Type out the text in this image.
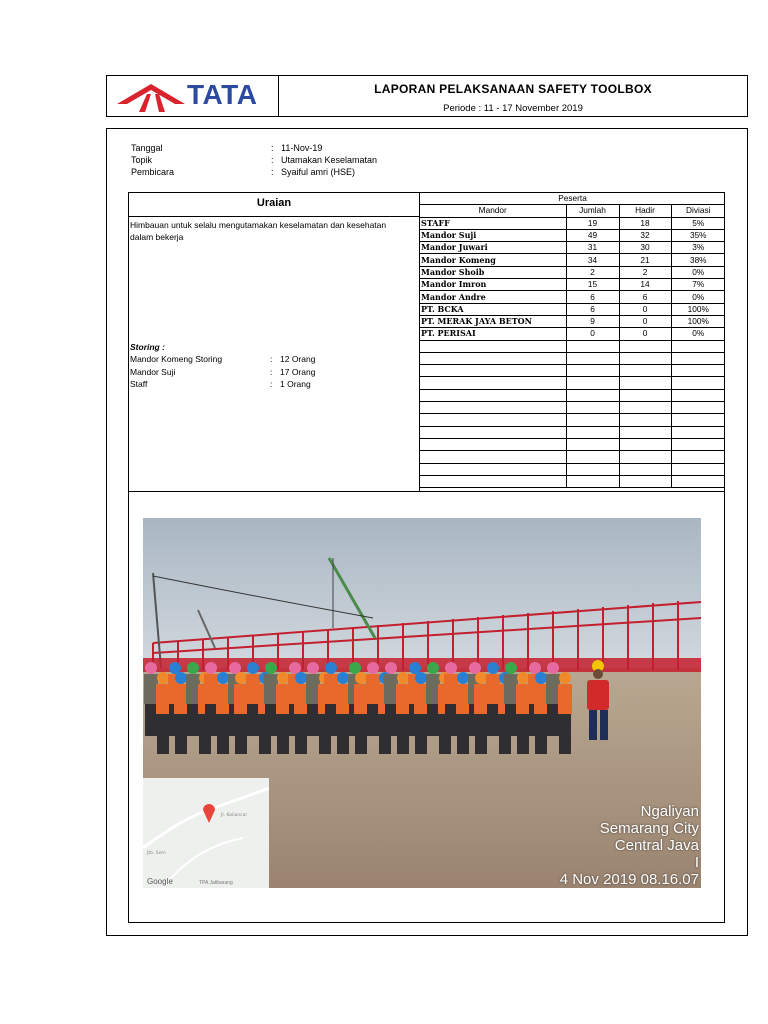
TATA	LAPORAN PELAKSANAAN SAFETY TOOLBOX
Periode : 11 - 17 November 2019
Tanggal	: 11-Nov-19
Topik	: Utamakan Keselamatan
Pembicara	: Syaiful amri (HSE)
Uraian
Himbauan untuk selalu mengutamakan keselamatan dan kesehatan dalam bekerja
Storing :
Mandor Komeng Storing	: 12 Orang
Mandor Suji	: 17 Orang
Staff	: 1 Orang
Peserta			
Mandor	Jumlah	Hadir	Diviasi
STAFF	19	18	5%
Mandor Suji	49	32	35%
Mandor Juwari	31	30	3%
Mandor Komeng	34	21	38%
Mandor Shoib	2	2	0%
Mandor Imron	15	14	7%
Mandor Andre	6	6	0%
PT. BCKA	6	0	100%
PT. MERAK JAYA BETON	9	0	100%
PT. PERISAI	0	0	0%

Jl. Kaliancar
Jtb. Sem
Google	TPA Jatibarang
Ngaliyan
Semarang City
Central Java
I
4 Nov 2019 08.16.07
